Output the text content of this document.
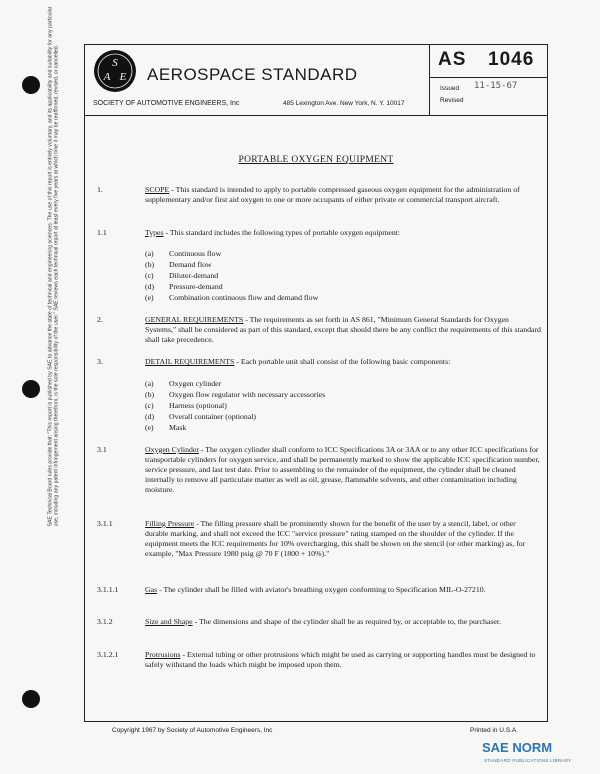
SAE Technical Board rules provide that: "This report is published by SAE to advance the state of technical and engineering sciences. The use of this report is entirely voluntary, and its applicability and suitability for any particular use, including any patent infringement arising therefrom, is the sole responsibility of the user." SAE reviews each technical report at least every five years at which time it may be reaffirmed, revised, or cancelled.	S
A E AEROSPACE STANDARD
SOCIETY OF AUTOMOTIVE ENGINEERS, Inc	485 Lexington Ave. New York, N. Y. 10017
AS 1046
Issued 11-15-67
Revised
PORTABLE OXYGEN EQUIPMENT
1.	SCOPE - This standard is intended to apply to portable compressed gaseous oxygen equipment for the administration of supplementary and/or first aid oxygen to one or more occupants of either private or commercial transport aircraft.
1.1	Types - This standard includes the following types of portable oxygen equipment:
(a) Continuous flow
(b) Demand flow
(c) Diluter-demand
(d) Pressure-demand
(e) Combination continuous flow and demand flow
2.	GENERAL REQUIREMENTS - The requirements as set forth in AS 861, "Minimum General Standards for Oxygen Systems," shall be considered as part of this standard, except that should there be any conflict the requirements of this standard shall take precedence.
3.	DETAIL REQUIREMENTS - Each portable unit shall consist of the following basic components:
(a) Oxygen cylinder
(b) Oxygen flow regulator with necessary accessories
(c) Harness (optional)
(d) Overall container (optional)
(e) Mask
3.1	Oxygen Cylinder - The oxygen cylinder shall conform to ICC Specifications 3A or 3AA or to any other ICC specifications for transportable cylinders for oxygen service, and shall be permanently marked to show the applicable ICC specification number, service pressure, and last test date. Prior to assembling to the remainder of the equipment, the cylinder shall be cleaned internally to remove all particulate matter as well as oil, grease, flammable solvents, and other contamination including moisture.
3.1.1	Filling Pressure - The filling pressure shall be prominently shown for the benefit of the user by a stencil, label, or other durable marking, and shall not exceed the ICC "service pressure" rating stamped on the shoulder of the cylinder. If the equipment meets the ICC requirements for 10% overcharging, this shall be shown on the stencil (or other marking) as, for example, "Max Pressure 1980 psig @ 70 F (1800 + 10%)."
3.1.1.1	Gas - The cylinder shall be filled with aviator's breathing oxygen conforming to Specification MIL-O-27210.
3.1.2	Size and Shape - The dimensions and shape of the cylinder shall be as required by, or acceptable to, the purchaser.
3.1.2.1	Protrusions - External tubing or other protrusions which might be used as carrying or supporting handles must be designed to safely withstand the loads which might be imposed upon them.
Copyright 1967 by Society of Automotive Engineers, Inc	Printed in U.S.A.
SAE NORM
STANDARD PUBLICATIONS LIBRARY
